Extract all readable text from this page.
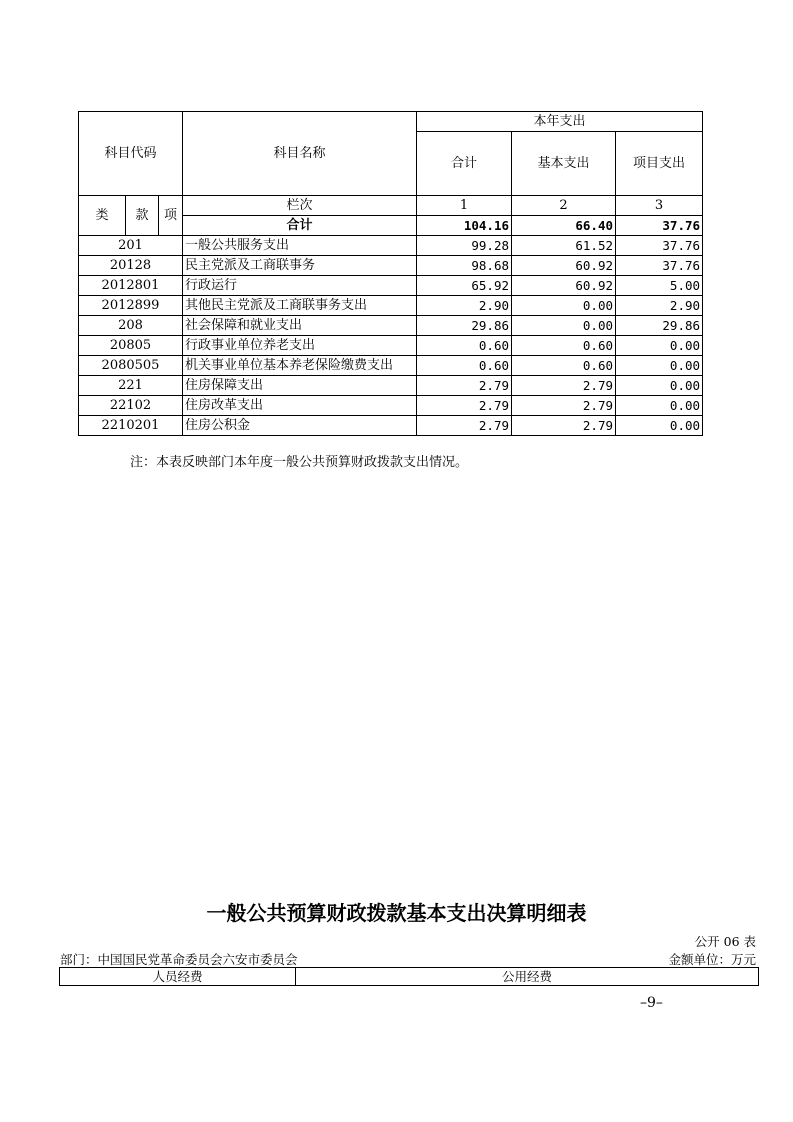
科目代码			科目名称	本年支出		
				合计	基本支出	项目支出

类	款	项	栏次	1	2	3
			合计	104.16	66.40	37.76
201			一般公共服务支出	99.28	61.52	37.76
20128			民主党派及工商联事务	98.68	60.92	37.76
2012801			行政运行	65.92	60.92	5.00
2012899			其他民主党派及工商联事务支出	2.90	0.00	2.90
208			社会保障和就业支出	29.86	0.00	29.86
20805			行政事业单位养老支出	0.60	0.60	0.00
2080505			机关事业单位基本养老保险缴费支出	0.60	0.60	0.00
221			住房保障支出	2.79	2.79	0.00
22102			住房改革支出	2.79	2.79	0.00
2210201			住房公积金	2.79	2.79	0.00
注：本表反映部门本年度一般公共预算财政拨款支出情况。
一般公共预算财政拨款基本支出决算明细表
公开 06 表
部门：中国国民党革命委员会六安市委员会	金额单位：万元
人员经费	公用经费
–9–
